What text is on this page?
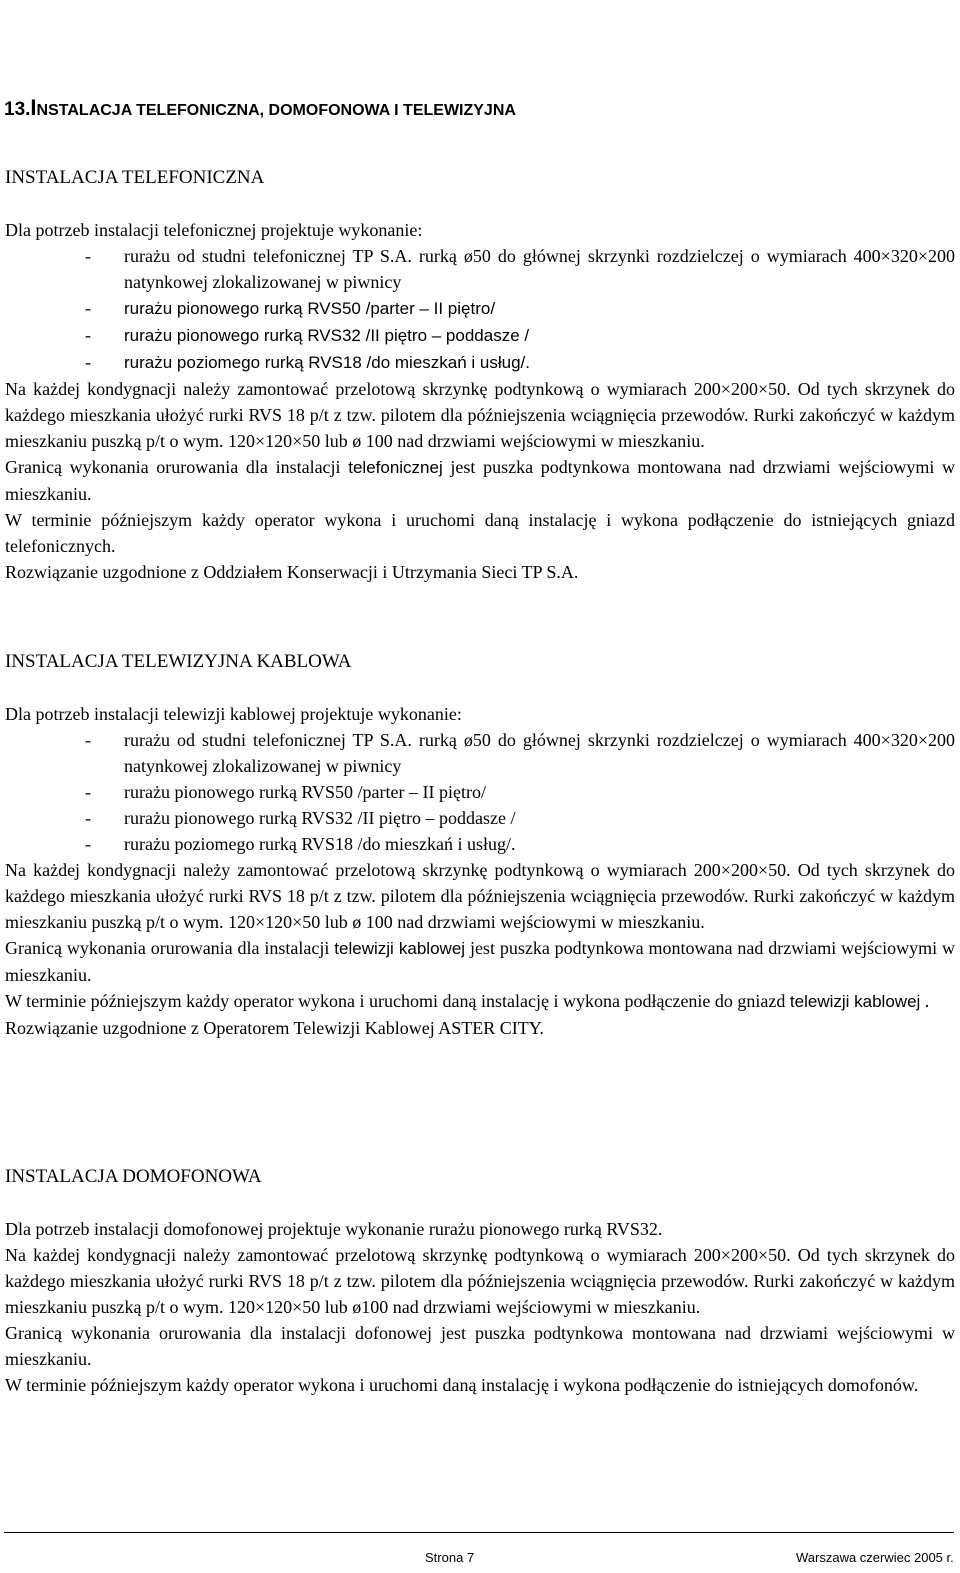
13.INSTALACJA TELEFONICZNA, DOMOFONOWA I TELEWIZYJNA
INSTALACJA TELEFONICZNA
Dla potrzeb instalacji telefonicznej projektuje wykonanie:
- rurażu od studni telefonicznej TP S.A. rurką ø50 do głównej skrzynki rozdzielczej o wymiarach 400×320×200 natynkowej zlokalizowanej w piwnicy
- rurażu pionowego rurką RVS50 /parter – II piętro/
- rurażu pionowego rurką RVS32 /II piętro – poddasze /
- rurażu poziomego rurką RVS18 /do mieszkań i usług/.
Na każdej kondygnacji należy zamontować przelotową skrzynkę podtynkową o wymiarach 200×200×50. Od tych skrzynek do każdego mieszkania ułożyć rurki RVS 18 p/t z tzw. pilotem dla późniejszenia wciągnięcia przewodów. Rurki zakończyć w każdym mieszkaniu puszką p/t o wym. 120×120×50 lub ø 100 nad drzwiami wejściowymi w mieszkaniu.
Granicą wykonania orurowania dla instalacji telefonicznej jest puszka podtynkowa montowana nad drzwiami wejściowymi w mieszkaniu.
W terminie późniejszym każdy operator wykona i uruchomi daną instalację i wykona podłączenie do istniejących gniazd telefonicznych.
Rozwiązanie uzgodnione z Oddziałem Konserwacji i Utrzymania Sieci TP S.A.
INSTALACJA TELEWIZYJNA KABLOWA
Dla potrzeb instalacji telewizji kablowej projektuje wykonanie:
- rurażu od studni telefonicznej TP S.A. rurką ø50 do głównej skrzynki rozdzielczej o wymiarach 400×320×200 natynkowej zlokalizowanej w piwnicy
- rurażu pionowego rurką RVS50 /parter – II piętro/
- rurażu pionowego rurką RVS32 /II piętro – poddasze /
- rurażu poziomego rurką RVS18 /do mieszkań i usług/.
Na każdej kondygnacji należy zamontować przelotową skrzynkę podtynkową o wymiarach 200×200×50. Od tych skrzynek do każdego mieszkania ułożyć rurki RVS 18 p/t z tzw. pilotem dla późniejszenia wciągnięcia przewodów. Rurki zakończyć w każdym mieszkaniu puszką p/t o wym. 120×120×50 lub ø 100 nad drzwiami wejściowymi w mieszkaniu.
Granicą wykonania orurowania dla instalacji telewizji kablowej jest puszka podtynkowa montowana nad drzwiami wejściowymi w mieszkaniu.
W terminie późniejszym każdy operator wykona i uruchomi daną instalację i wykona podłączenie do gniazd telewizji kablowej .
Rozwiązanie uzgodnione z Operatorem Telewizji Kablowej ASTER CITY.
INSTALACJA DOMOFONOWA
Dla potrzeb instalacji domofonowej projektuje wykonanie rurażu pionowego rurką RVS32.
Na każdej kondygnacji należy zamontować przelotową skrzynkę podtynkową o wymiarach 200×200×50. Od tych skrzynek do każdego mieszkania ułożyć rurki RVS 18 p/t z tzw. pilotem dla późniejszenia wciągnięcia przewodów. Rurki zakończyć w każdym mieszkaniu puszką p/t o wym. 120×120×50 lub ø100 nad drzwiami wejściowymi w mieszkaniu.
Granicą wykonania orurowania dla instalacji dofonowej jest puszka podtynkowa montowana nad drzwiami wejściowymi w mieszkaniu.
W terminie późniejszym każdy operator wykona i uruchomi daną instalację i wykona podłączenie do istniejących domofonów.
Strona 7	Warszawa czerwiec 2005 r.
